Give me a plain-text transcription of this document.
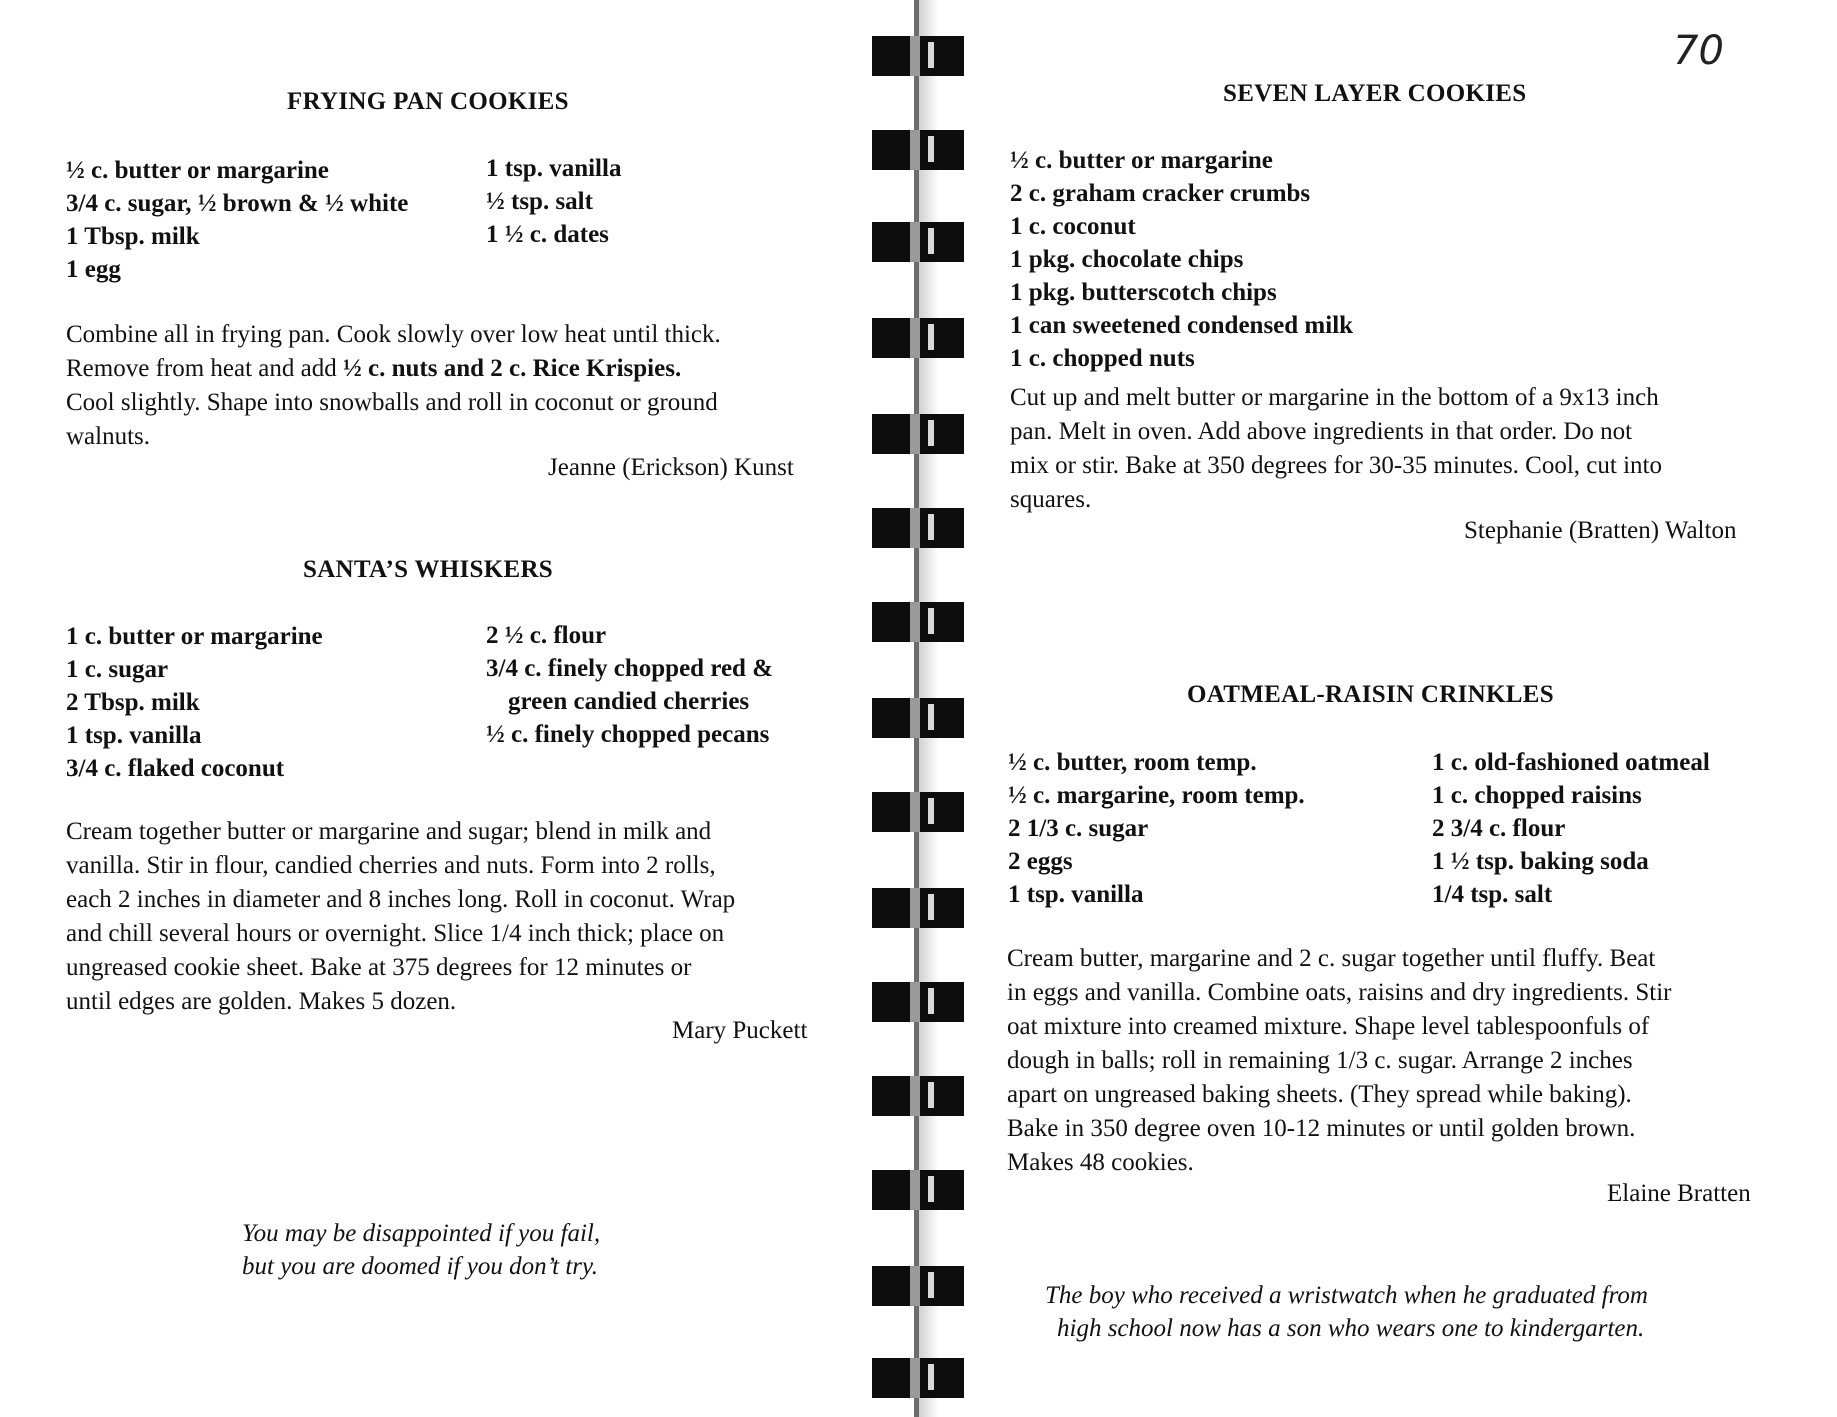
FRYING PAN COOKIES
½ c. butter or margarine
3/4 c. sugar, ½ brown & ½ white
1 Tbsp. milk
1 egg
1 tsp. vanilla
½ tsp. salt
1 ½ c. dates
Combine all in frying pan. Cook slowly over low heat until thick.
Remove from heat and add ½ c. nuts and 2 c. Rice Krispies.
Cool slightly. Shape into snowballs and roll in coconut or ground
walnuts.
Jeanne (Erickson) Kunst
SANTA’S WHISKERS
1 c. butter or margarine
1 c. sugar
2 Tbsp. milk
1 tsp. vanilla
3/4 c. flaked coconut
2 ½ c. flour
3/4 c. finely chopped red &
green candied cherries
½ c. finely chopped pecans
Cream together butter or margarine and sugar; blend in milk and
vanilla. Stir in flour, candied cherries and nuts. Form into 2 rolls,
each 2 inches in diameter and 8 inches long. Roll in coconut. Wrap
and chill several hours or overnight. Slice 1/4 inch thick; place on
ungreased cookie sheet. Bake at 375 degrees for 12 minutes or
until edges are golden. Makes 5 dozen.
Mary Puckett
You may be disappointed if you fail,
but you are doomed if you don’t try.
70
SEVEN LAYER COOKIES
½ c. butter or margarine
2 c. graham cracker crumbs
1 c. coconut
1 pkg. chocolate chips
1 pkg. butterscotch chips
1 can sweetened condensed milk
1 c. chopped nuts
Cut up and melt butter or margarine in the bottom of a 9x13 inch
pan. Melt in oven. Add above ingredients in that order. Do not
mix or stir. Bake at 350 degrees for 30-35 minutes. Cool, cut into
squares.
Stephanie (Bratten) Walton
OATMEAL-RAISIN CRINKLES
½ c. butter, room temp.
½ c. margarine, room temp.
2 1/3 c. sugar
2 eggs
1 tsp. vanilla
1 c. old-fashioned oatmeal
1 c. chopped raisins
2 3/4 c. flour
1 ½ tsp. baking soda
1/4 tsp. salt
Cream butter, margarine and 2 c. sugar together until fluffy. Beat
in eggs and vanilla. Combine oats, raisins and dry ingredients. Stir
oat mixture into creamed mixture. Shape level tablespoonfuls of
dough in balls; roll in remaining 1/3 c. sugar. Arrange 2 inches
apart on ungreased baking sheets. (They spread while baking).
Bake in 350 degree oven 10-12 minutes or until golden brown.
Makes 48 cookies.
Elaine Bratten
The boy who received a wristwatch when he graduated from
high school now has a son who wears one to kindergarten.
